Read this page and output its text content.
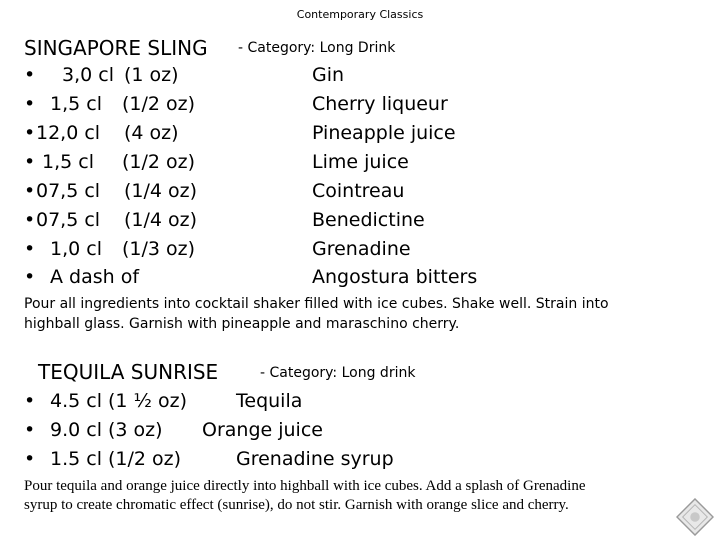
Contemporary Classics
SINGAPORE SLING - Category: Long Drink
• 3,0 cl (1 oz)	Gin
• 1,5 cl (1/2 oz)	Cherry liqueur
• 12,0 cl (4 oz)	Pineapple juice
• 1,5 cl (1/2 oz)	Lime juice
• 07,5 cl (1/4 oz)	Cointreau
• 07,5 cl (1/4 oz)	Benedictine
• 1,0 cl (1/3 oz)	Grenadine
• A dash of	Angostura bitters
Pour all ingredients into cocktail shaker filled with ice cubes. Shake well. Strain into
highball glass. Garnish with pineapple and maraschino cherry.
TEQUILA SUNRISE	- Category: Long drink
• 4.5 cl (1 ½ oz)	Tequila
• 9.0 cl (3 oz) Orange juice
• 1.5 cl (1/2 oz)	Grenadine syrup
Pour tequila and orange juice directly into highball with ice cubes. Add a splash of Grenadine
syrup to create chromatic effect (sunrise), do not stir. Garnish with orange slice and cherry.
